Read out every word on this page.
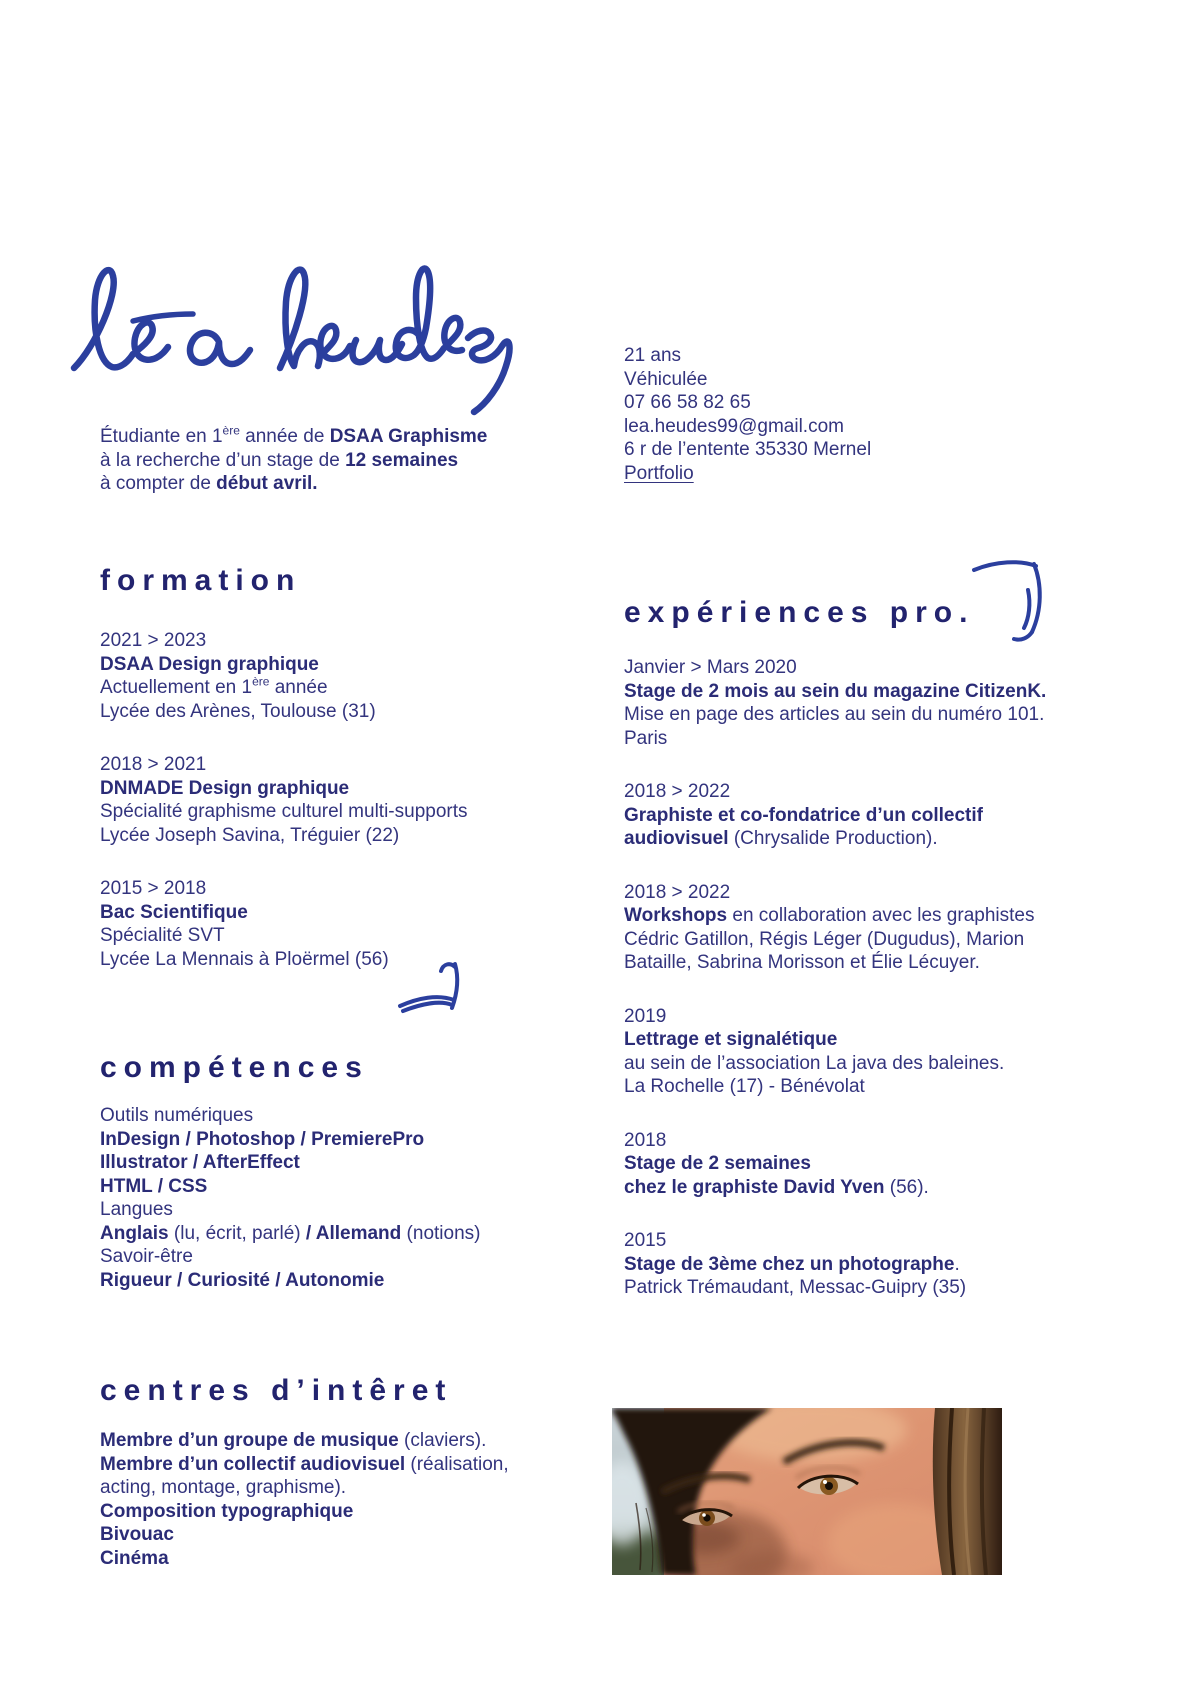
Étudiante en 1ère année de DSAA Graphisme
à la recherche d’un stage de 12 semaines
à compter de début avril.
21 ans
Véhiculée
07 66 58 82 65
lea.heudes99@gmail.com
6 r de l’entente 35330 Mernel
Portfolio
formation
2021 > 2023
DSAA Design graphique
Actuellement en 1ère année
Lycée des Arènes, Toulouse (31)
2018 > 2021
DNMADE Design graphique
Spécialité graphisme culturel multi-supports
Lycée Joseph Savina, Tréguier (22)
2015 > 2018
Bac Scientifique
Spécialité SVT
Lycée La Mennais à Ploërmel (56)
compétences
Outils numériques
InDesign / Photoshop / PremierePro
Illustrator / AfterEffect
HTML / CSS
Langues
Anglais (lu, écrit, parlé) / Allemand (notions)
Savoir-être
Rigueur / Curiosité / Autonomie
centres d’intêret
Membre d’un groupe de musique (claviers).
Membre d’un collectif audiovisuel (réalisation,
acting, montage, graphisme).
Composition typographique
Bivouac
Cinéma
expériences pro.
Janvier > Mars 2020
Stage de 2 mois au sein du magazine CitizenK.
Mise en page des articles au sein du numéro 101.
Paris
2018 > 2022
Graphiste et co-fondatrice d’un collectif
audiovisuel (Chrysalide Production).
2018 > 2022
Workshops en collaboration avec les graphistes
Cédric Gatillon, Régis Léger (Dugudus), Marion
Bataille, Sabrina Morisson et Élie Lécuyer.
2019
Lettrage et signalétique
au sein de l’association La java des baleines.
La Rochelle (17) - Bénévolat
2018
Stage de 2 semaines
chez le graphiste David Yven (56).
2015
Stage de 3ème chez un photographe.
Patrick Trémaudant, Messac-Guipry (35)
